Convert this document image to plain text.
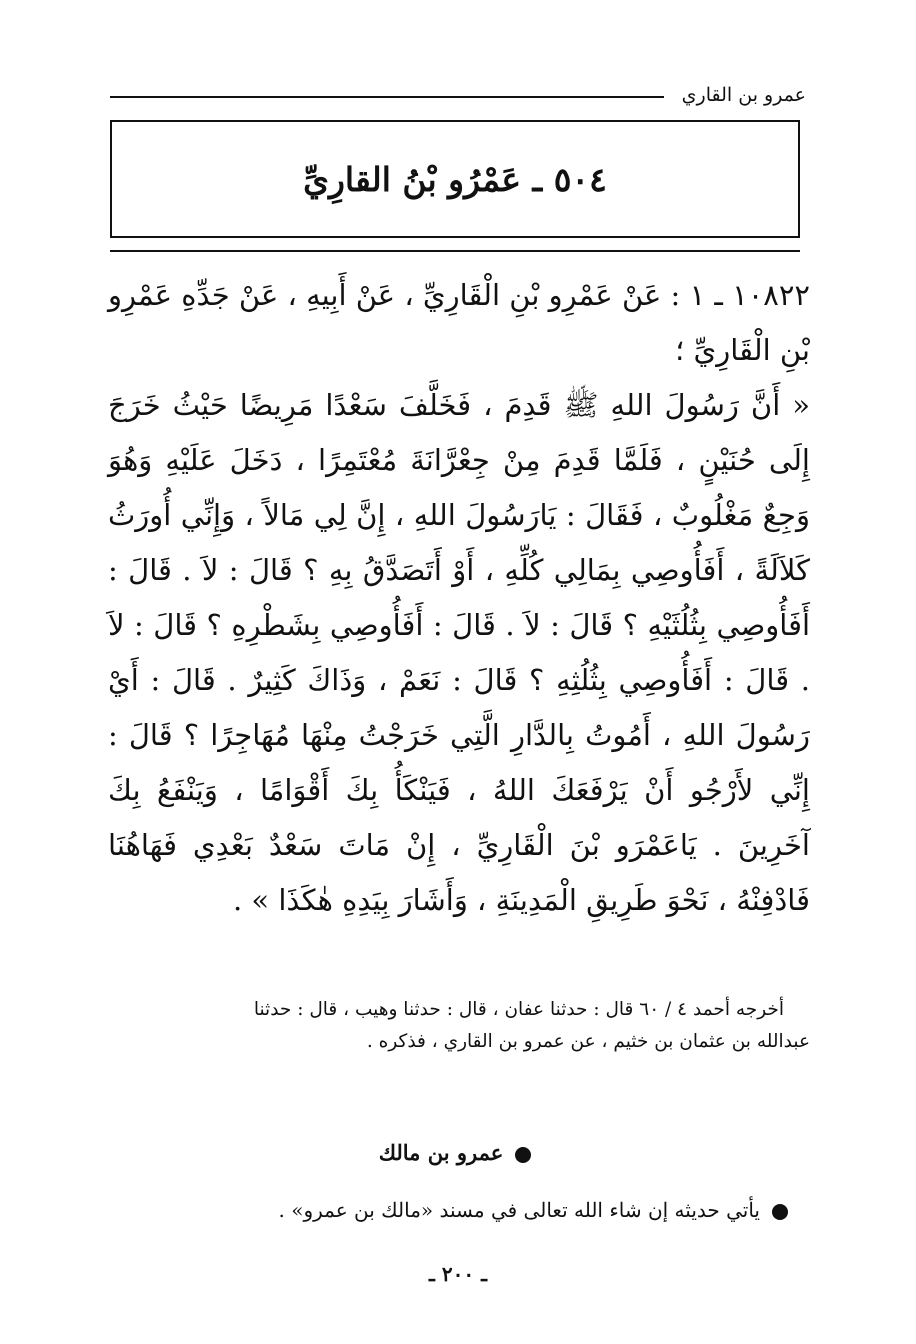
عمرو بن القاري
٥٠٤ ـ عَمْرُو بْنُ القارِيِّ

١٠٨٢٢ ـ ١ : عَنْ عَمْرِو بْنِ الْقَارِيِّ ، عَنْ أَبِيهِ ، عَنْ جَدِّهِ عَمْرِو بْنِ الْقَارِيِّ ؛

« أَنَّ رَسُولَ اللهِ ﷺ قَدِمَ ، فَخَلَّفَ سَعْدًا مَرِيضًا حَيْثُ خَرَجَ إِلَى حُنَيْنٍ ، فَلَمَّا قَدِمَ مِنْ جِعْرَّانَةَ مُعْتَمِرًا ، دَخَلَ عَلَيْهِ وَهُوَ وَجِعٌ مَغْلُوبٌ ، فَقَالَ : يَارَسُولَ اللهِ ، إِنَّ لِي مَالاً ، وَإِنِّي أُورَثُ كَلاَلَةً ، أَفَأُوصِي بِمَالِي كُلِّهِ ، أَوْ أَتَصَدَّقُ بِهِ ؟ قَالَ : لاَ . قَالَ : أَفَأُوصِي بِثُلُثَيْهِ ؟ قَالَ : لاَ . قَالَ : أَفَأُوصِي بِشَطْرِهِ ؟ قَالَ : لاَ . قَالَ : أَفَأُوصِي بِثُلُثِهِ ؟ قَالَ : نَعَمْ ، وَذَاكَ كَثِيرٌ . قَالَ : أَيْ رَسُولَ اللهِ ، أَمُوتُ بِالدَّارِ الَّتِي خَرَجْتُ مِنْهَا مُهَاجِرًا ؟ قَالَ : إِنِّي لأَرْجُو أَنْ يَرْفَعَكَ اللهُ ، فَيَنْكَأُ بِكَ أَقْوَامًا ، وَيَنْفَعُ بِكَ آخَرِينَ . يَاعَمْرَو بْنَ الْقَارِيِّ ، إِنْ مَاتَ سَعْدٌ بَعْدِي فَهَاهُنَا فَادْفِنْهُ ، نَحْوَ طَرِيقِ الْمَدِينَةِ ، وَأَشَارَ بِيَدِهِ هٰكَذَا » .

أخرجه أحمد ٤ / ٦٠ قال : حدثنا عفان ، قال : حدثنا وهيب ، قال : حدثنا

عبدالله بن عثمان بن خثيم ، عن عمرو بن القاري ، فذكره .

عمرو بن مالك
يأتي حديثه إن شاء الله تعالى في مسند «مالك بن عمرو» .
ـ ٢٠٠ ـ
